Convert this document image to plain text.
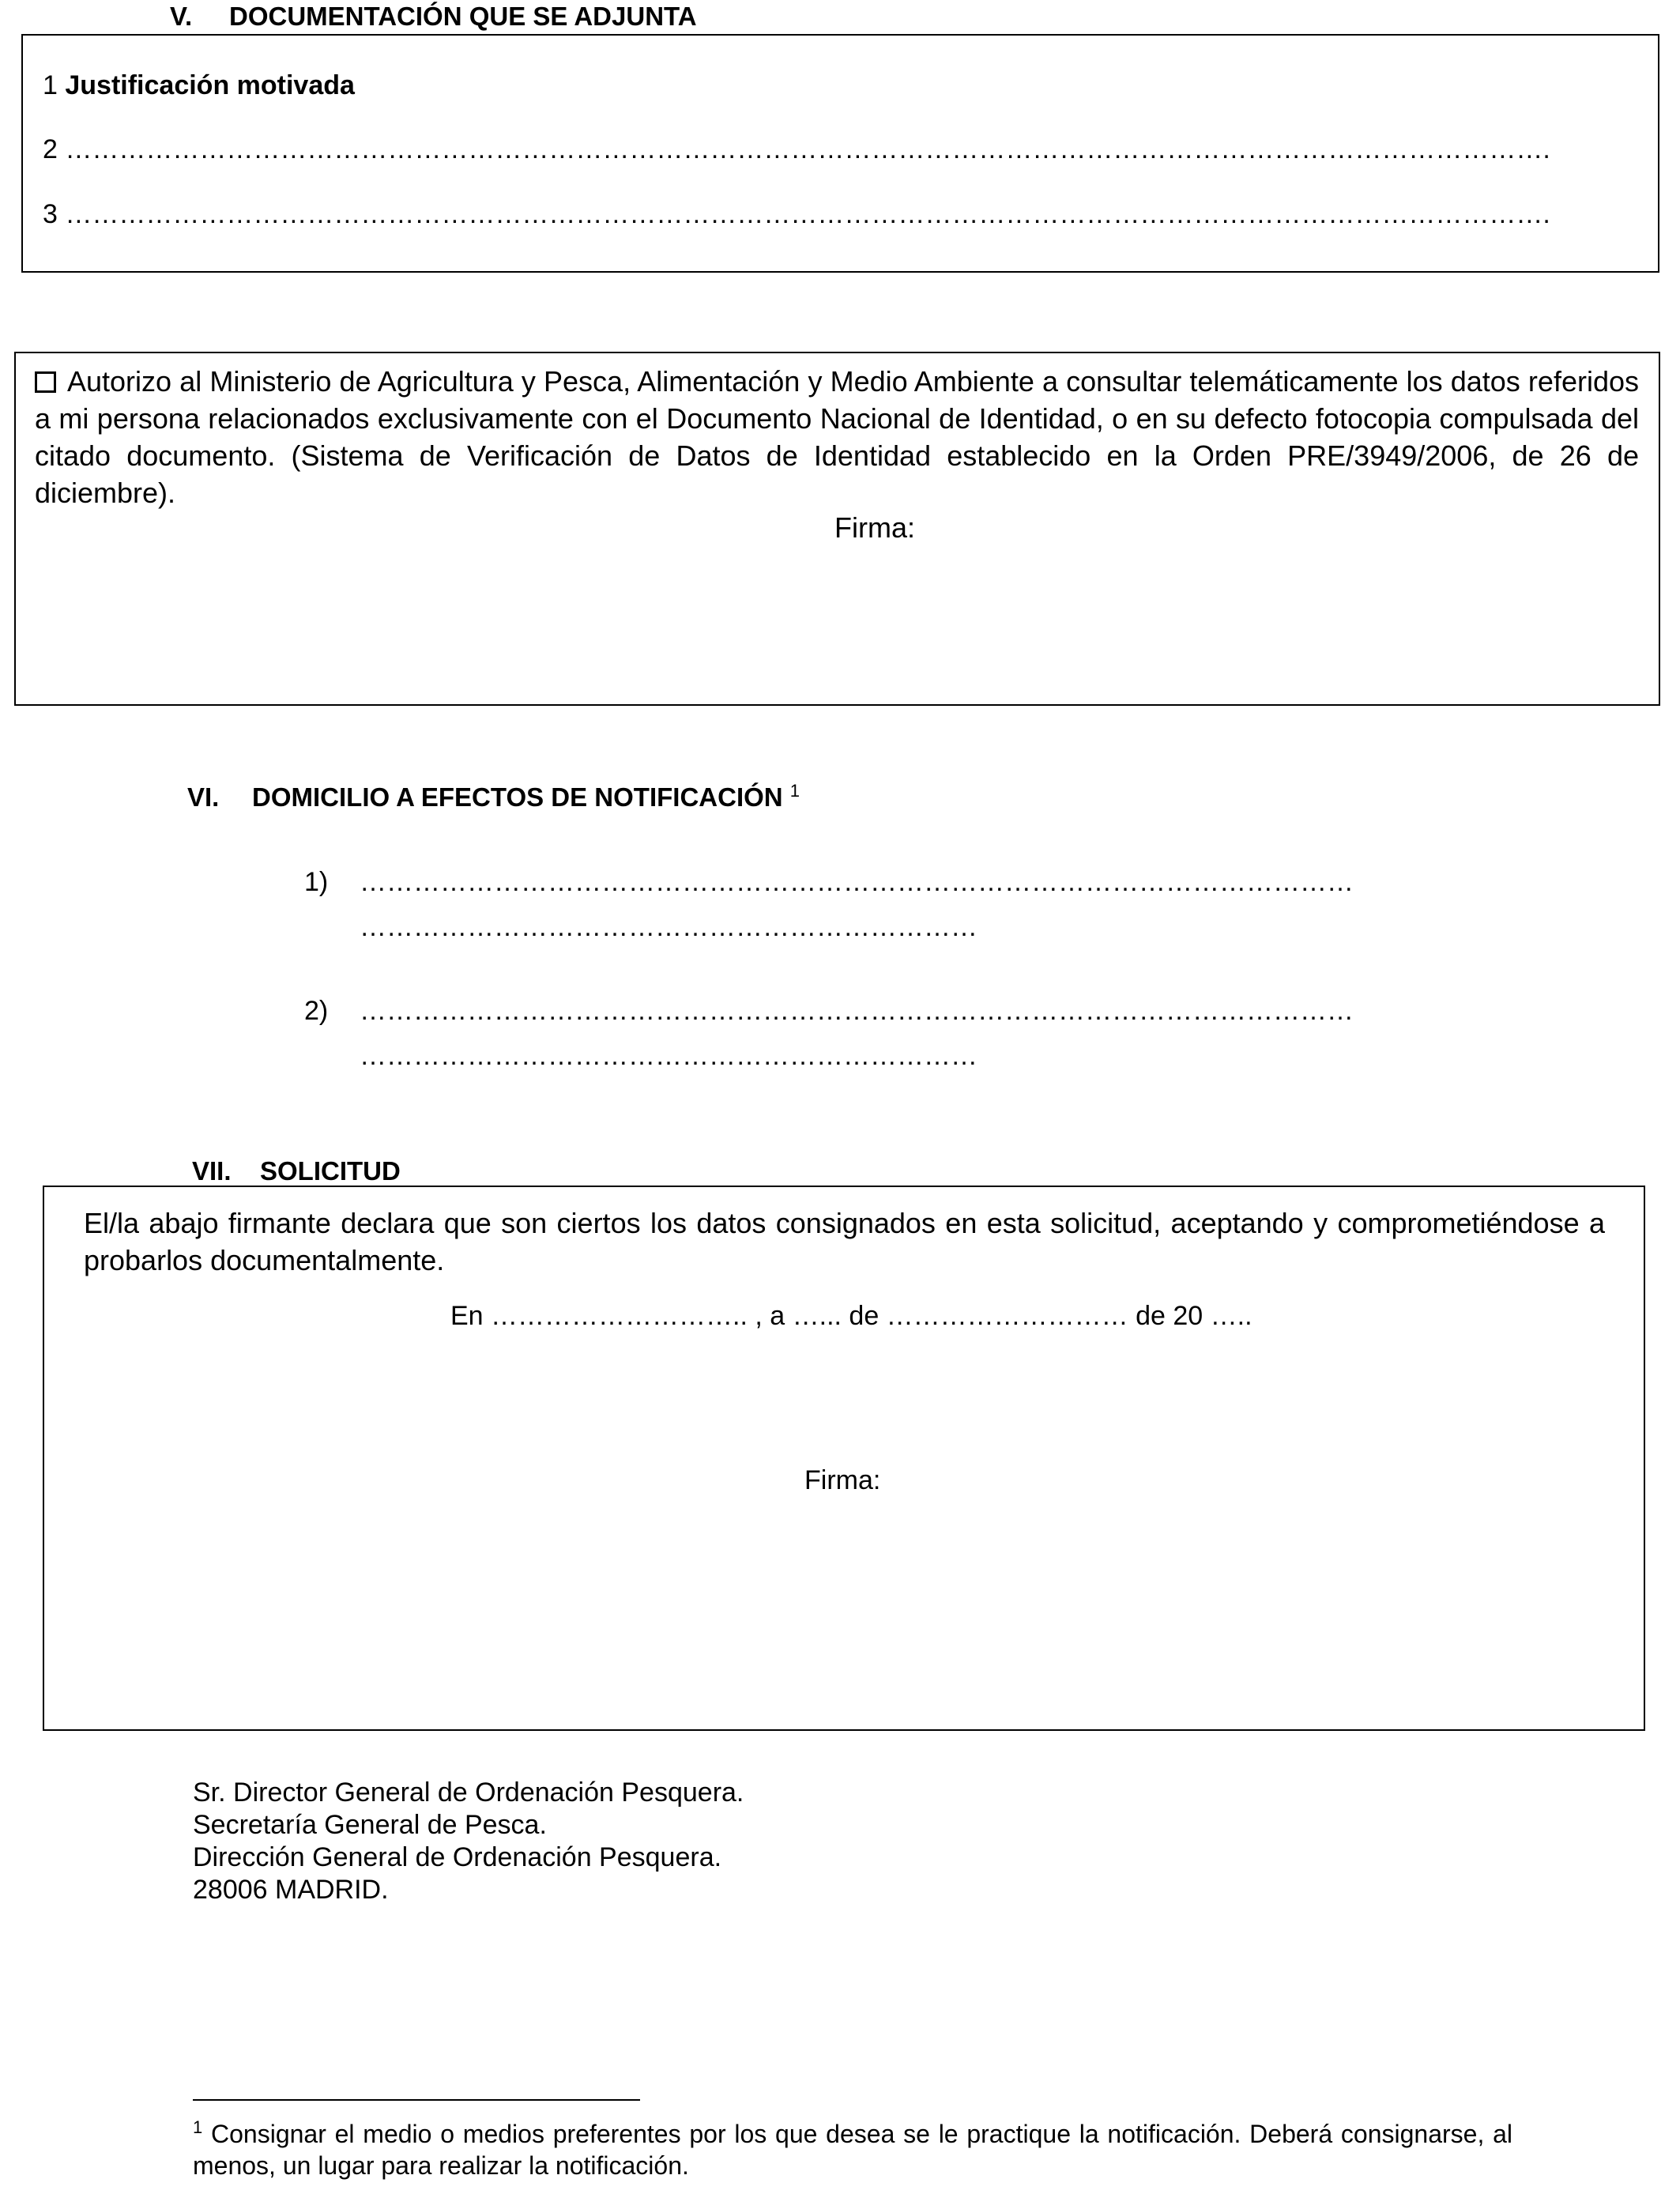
V. DOCUMENTACIÓN QUE SE ADJUNTA
1 Justificación motivada
2 ………………………………………………………………………………………………………………………………………………….
3 ………………………………………………………………………………………………………………………………………………….
Autorizo al Ministerio de Agricultura y Pesca, Alimentación y Medio Ambiente a consultar telemáticamente los datos referidos a mi persona relacionados exclusivamente con el Documento Nacional de Identidad, o en su defecto fotocopia compulsada del citado documento. (Sistema de Verificación de Datos de Identidad establecido en la Orden PRE/3949/2006, de 26 de diciembre).
Firma:
VI. DOMICILIO A EFECTOS DE NOTIFICACIÓN $^1$
1) …………………………………………………………………………………………………
……………………………………………………………
2) …………………………………………………………………………………………………
……………………………………………………………
VII. SOLICITUD
El/la abajo firmante declara que son ciertos los datos consignados en esta solicitud, aceptando y comprometiéndose a probarlos documentalmente.
En ……………………….. , a …... de ……………………… de 20 …..
Firma:
Sr. Director General de Ordenación Pesquera.
Secretaría General de Pesca.
Dirección General de Ordenación Pesquera.
28006 MADRID.
$^1$ Consignar el medio o medios preferentes por los que desea se le practique la notificación. Deberá consignarse, al menos, un lugar para realizar la notificación.
